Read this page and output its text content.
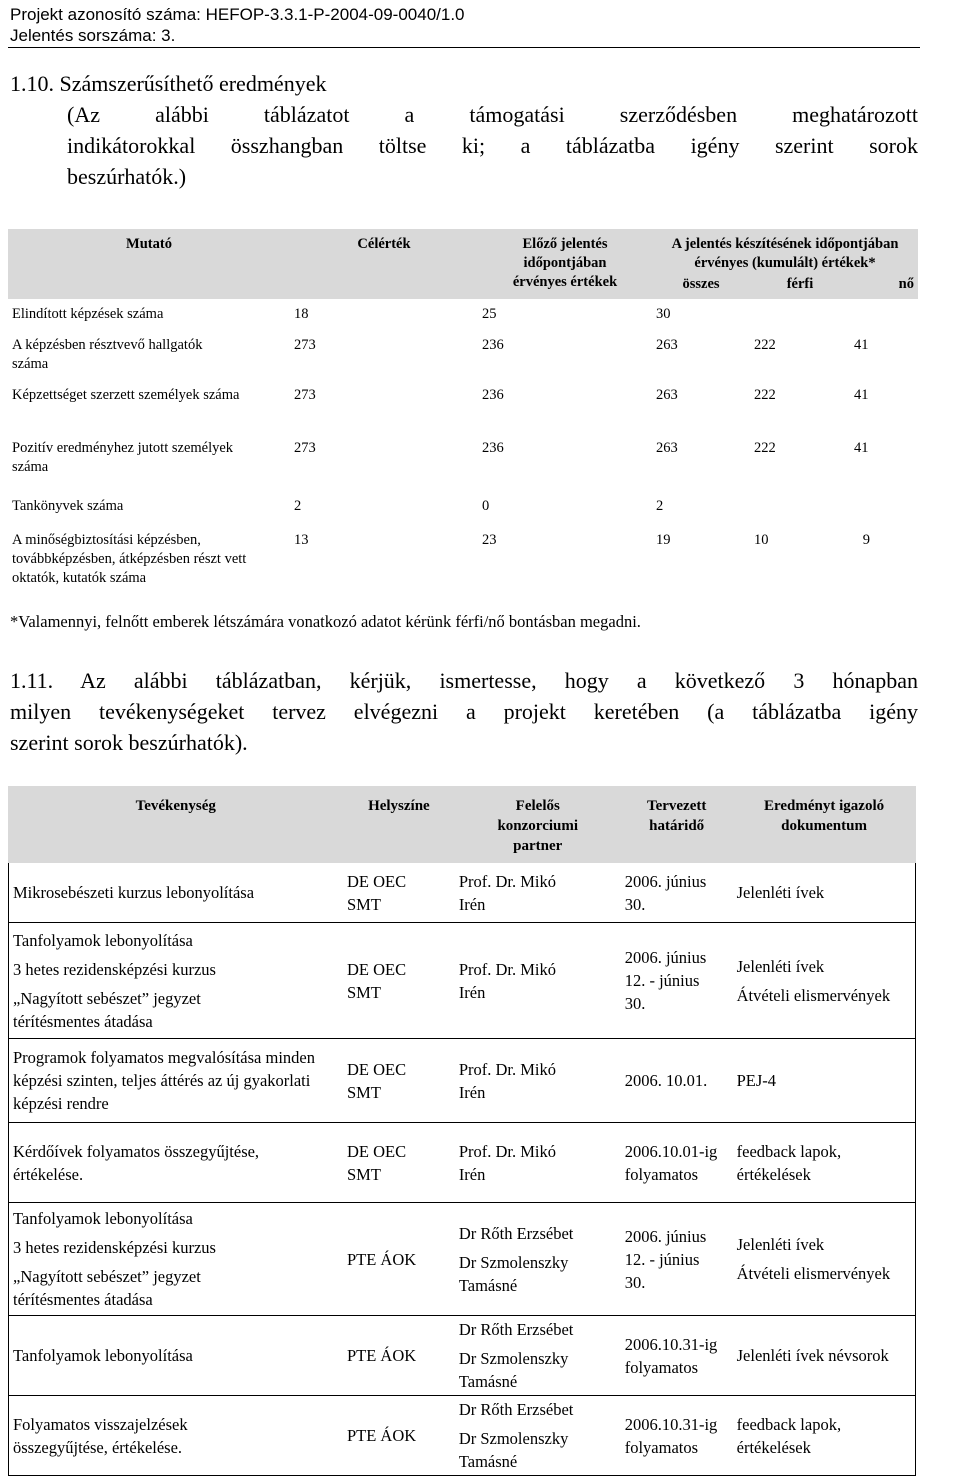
Projekt azonosító száma: HEFOP-3.3.1-P-2004-09-0040/1.0
Jelentés sorszáma: 3.
1.10. Számszerűsíthető eredmények
(Az alábbi táblázatot a támogatási szerződésben meghatározott
indikátorokkal összhangban töltse ki; a táblázatba igény szerint sorok
beszúrhatók.)
Mutató	Célérték	Előző jelentés időpontjában érvényes értékek	A jelentés készítésének időpontjában érvényes (kumulált) értékek*		
			összes	férfi	nő
Elindított képzések száma	18	25	30		
A képzésben résztvevő hallgatók száma	273	236	263	222	41
Képzettséget szerzett személyek száma	273	236	263	222	41
Pozitív eredményhez jutott személyek száma	273	236	263	222	41
Tankönyvek száma	2	0	2		
A minőségbiztosítási képzésben, továbbképzésben, átképzésben részt vett oktatók, kutatók száma	13	23	19	10	9
*Valamennyi, felnőtt emberek létszámára vonatkozó adatot kérünk férfi/nő bontásban megadni.
1.11. Az alábbi táblázatban, kérjük, ismertesse, hogy a következő 3 hónapban
milyen tevékenységeket tervez elvégezni a projekt keretében (a táblázatba igény
szerint sorok beszúrhatók).
Tevékenység	Helyszíne	Felelős konzorciumi partner	Tervezett határidő	Eredményt igazoló dokumentum

Mikrosebészeti kurzus lebonyolítása	DE OEC SMT	Prof. Dr. Mikó Irén	2006. június 30.	Jelenléti ívek

Tanfolyamok lebonyolítása
3 hetes rezidensképzési kurzus
„Nagyított sebészet” jegyzet térítésmentes átadása	DE OEC SMT	Prof. Dr. Mikó Irén	2006. június 12. - június 30.	Jelenléti ívek
Átvételi elismervények

Programok folyamatos megvalósítása minden képzési szinten, teljes áttérés az új gyakorlati képzési rendre	DE OEC SMT	Prof. Dr. Mikó Irén	2006. 10.01.	PEJ-4

Kérdőívek folyamatos összegyűjtése, értékelése.	DE OEC SMT	Prof. Dr. Mikó Irén	2006.10.01-ig folyamatos	feedback lapok, értékelések

Tanfolyamok lebonyolítása
3 hetes rezidensképzési kurzus
„Nagyított sebészet” jegyzet térítésmentes átadása	PTE ÁOK	Dr Rőth Erzsébet
Dr Szmolenszky Tamásné	2006. június 12. - június 30.	Jelenléti ívek
Átvételi elismervények

Tanfolyamok lebonyolítása	PTE ÁOK	Dr Rőth Erzsébet
Dr Szmolenszky Tamásné	2006.10.31-ig folyamatos	Jelenléti ívek névsorok

Folyamatos visszajelzések összegyűjtése, értékelése.	PTE ÁOK	Dr Rőth Erzsébet
Dr Szmolenszky Tamásné	2006.10.31-ig folyamatos	feedback lapok, értékelések
